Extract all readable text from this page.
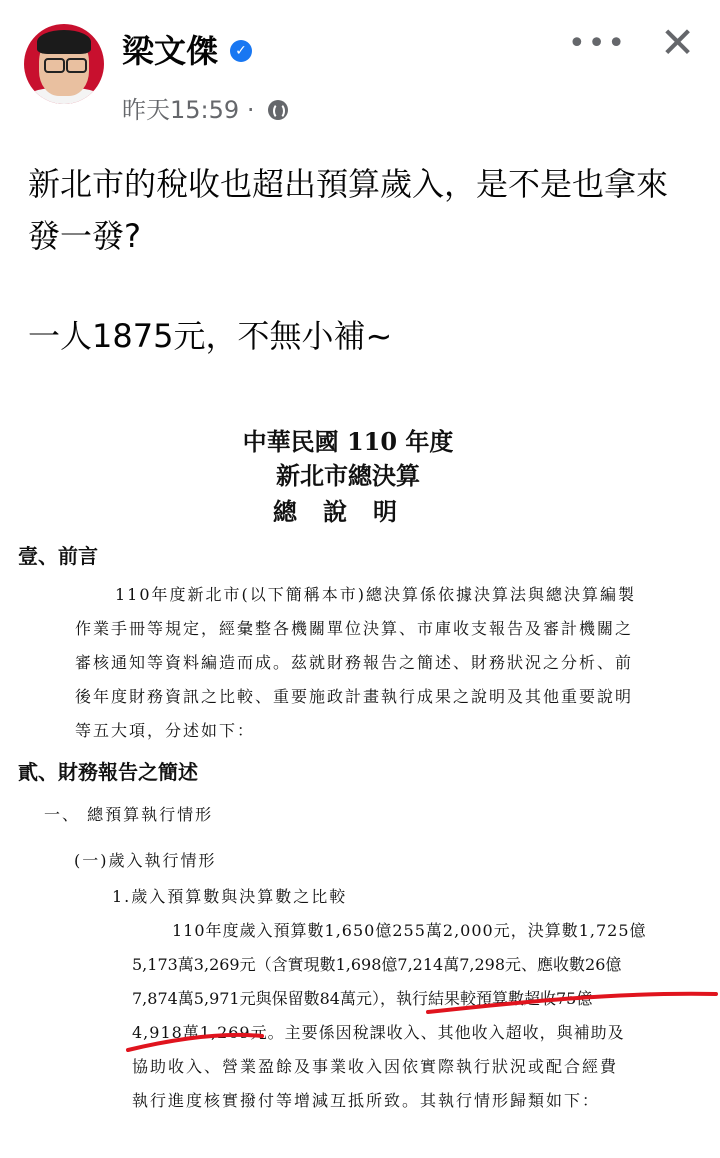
梁文傑	✓
昨天15:59 ·
••• ✕

新北市的稅收也超出預算歲入，是不是也拿來

發一發?

一人1875元，不無小補~

中華民國 110 年度
新北市總決算
總說明
壹、前言
110年度新北市(以下簡稱本市)總決算係依據決算法與總決算編製
作業手冊等規定，經彙整各機關單位決算、市庫收支報告及審計機關之
審核通知等資料編造而成。茲就財務報告之簡述、財務狀況之分析、前
後年度財務資訊之比較、重要施政計畫執行成果之說明及其他重要說明
等五大項，分述如下：
貳、財務報告之簡述
一、 總預算執行情形
(一)歲入執行情形
1.歲入預算數與決算數之比較
110年度歲入預算數1,650億255萬2,000元，決算數1,725億
5,173萬3,269元（含實現數1,698億7,214萬7,298元、應收數26億
7,874萬5,971元與保留數84萬元），執行結果較預算數超收75億
4,918萬1,269元。主要係因稅課收入、其他收入超收，與補助及
協助收入、營業盈餘及事業收入因依實際執行狀況或配合經費
執行進度核實撥付等增減互抵所致。其執行情形歸類如下：
